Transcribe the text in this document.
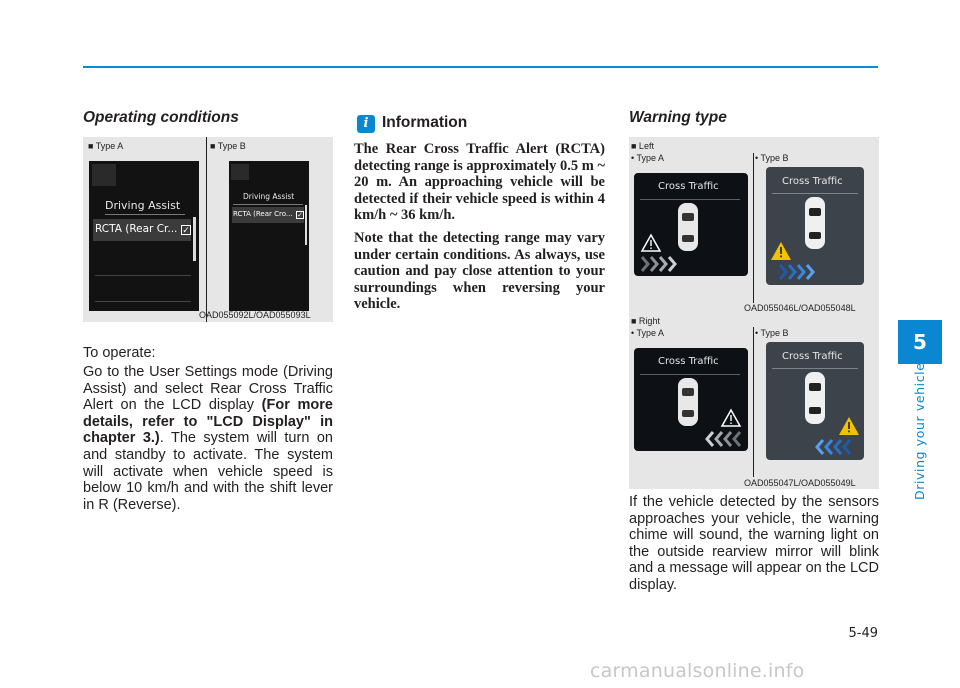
5
Driving your vehicle
Operating conditions
■ Type A	■ Type B
Driving Assist
RCTA (Rear Cr... ✓
Driving Assist
RCTA (Rear Cro... ✓
OAD055092L/OAD055093L
To operate:
Go to the User Settings mode (Driving Assist) and select Rear Cross Traffic Alert on the LCD display (For more details, refer to "LCD Display" in chapter 3.). The system will turn on and standby to activate. The system will activate when vehicle speed is below 10 km/h and with the shift lever in R (Reverse).
i Information

The Rear Cross Traffic Alert (RCTA) detecting range is approximately 0.5 m ~ 20 m. An approaching vehicle will be detected if their vehicle speed is within 4 km/h ~ 36 km/h.

Note that the detecting range may vary under certain conditions. As always, use caution and pay close attention to your surroundings when reversing your vehicle.

Warning type
■ Left
• Type A	• Type B
Cross Traffic	Cross Traffic
OAD055046L/OAD055048L
■ Right
• Type A	• Type B
Cross Traffic	Cross Traffic
OAD055047L/OAD055049L
If the vehicle detected by the sensors approaches your vehicle, the warning chime will sound, the warning light on the outside rearview mirror will blink and a message will appear on the LCD display.
5-49
carmanualsonline.info
